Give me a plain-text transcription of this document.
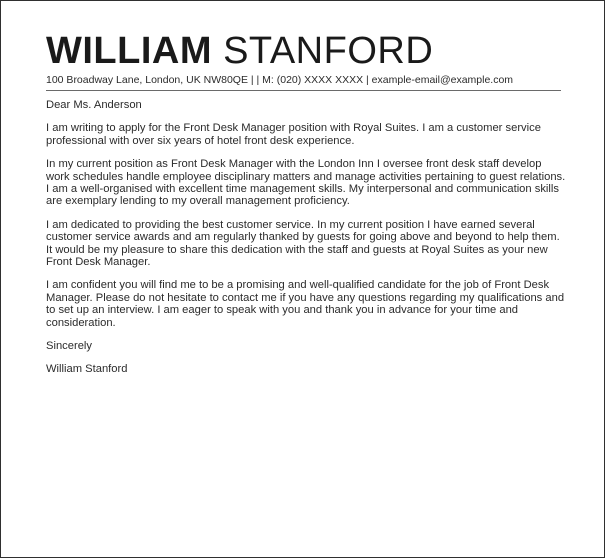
WILLIAM STANFORD
100 Broadway Lane, London, UK NW80QE | | M: (020) XXXX XXXX | example-email@example.com

Dear Ms. Anderson

I am writing to apply for the Front Desk Manager position with Royal Suites. I am a customer service professional with over six years of hotel front desk experience.

In my current position as Front Desk Manager with the London Inn I oversee front desk staff develop work schedules handle employee disciplinary matters and manage activities pertaining to guest relations. I am a well-organised with excellent time management skills. My interpersonal and communication skills are exemplary lending to my overall management proficiency.

I am dedicated to providing the best customer service. In my current position I have earned several customer service awards and am regularly thanked by guests for going above and beyond to help them. It would be my pleasure to share this dedication with the staff and guests at Royal Suites as your new Front Desk Manager.

I am confident you will find me to be a promising and well-qualified candidate for the job of Front Desk Manager. Please do not hesitate to contact me if you have any questions regarding my qualifications and to set up an interview. I am eager to speak with you and thank you in advance for your time and consideration.

Sincerely

William Stanford
